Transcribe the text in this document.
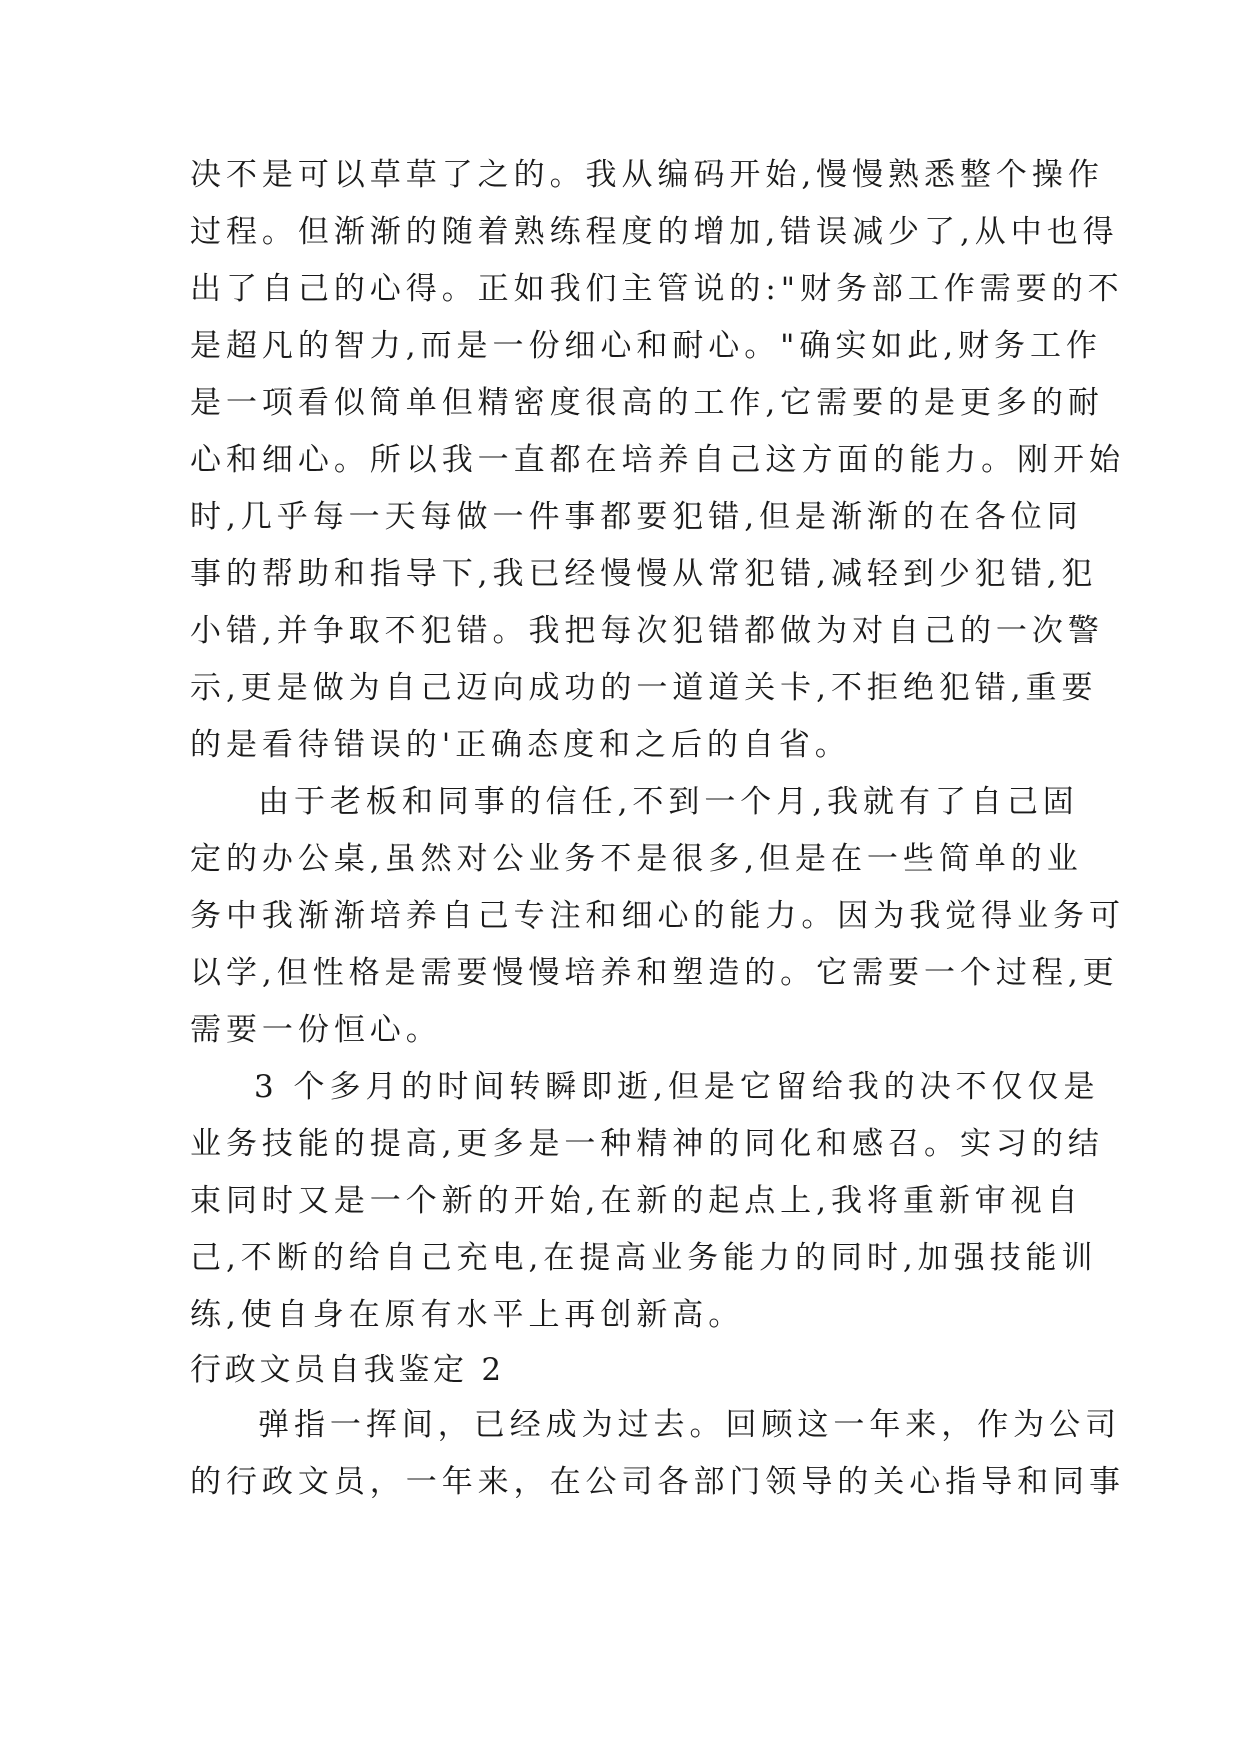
决不是可以草草了之的。我从编码开始,慢慢熟悉整个操作
过程。但渐渐的随着熟练程度的增加,错误减少了,从中也得
出了自己的心得。正如我们主管说的:"财务部工作需要的不
是超凡的智力,而是一份细心和耐心。"确实如此,财务工作
是一项看似简单但精密度很高的工作,它需要的是更多的耐
心和细心。所以我一直都在培养自己这方面的能力。刚开始
时,几乎每一天每做一件事都要犯错,但是渐渐的在各位同
事的帮助和指导下,我已经慢慢从常犯错,减轻到少犯错,犯
小错,并争取不犯错。我把每次犯错都做为对自己的一次警
示,更是做为自己迈向成功的一道道关卡,不拒绝犯错,重要
的是看待错误的'正确态度和之后的自省。
由于老板和同事的信任,不到一个月,我就有了自己固
定的办公桌,虽然对公业务不是很多,但是在一些简单的业
务中我渐渐培养自己专注和细心的能力。因为我觉得业务可
以学,但性格是需要慢慢培养和塑造的。它需要一个过程,更
需要一份恒心。
3 个多月的时间转瞬即逝,但是它留给我的决不仅仅是
业务技能的提高,更多是一种精神的同化和感召。实习的结
束同时又是一个新的开始,在新的起点上,我将重新审视自
己,不断的给自己充电,在提高业务能力的同时,加强技能训
练,使自身在原有水平上再创新高。
行政文员自我鉴定 2
弹指一挥间，已经成为过去。回顾这一年来，作为公司
的行政文员，一年来，在公司各部门领导的关心指导和同事
